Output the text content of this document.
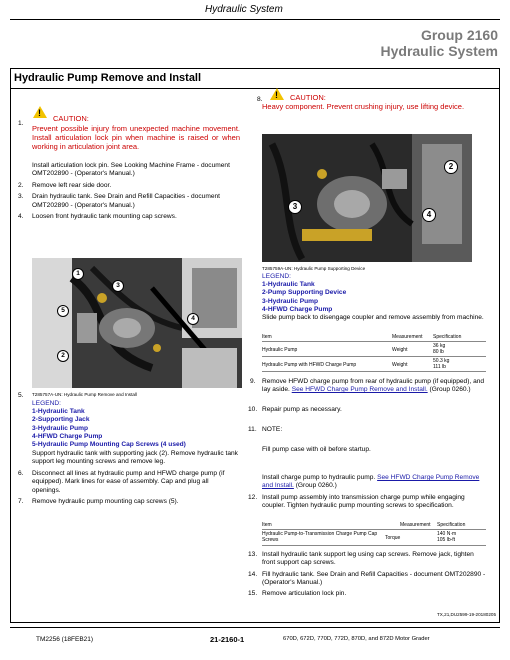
Hydraulic System
Group 2160
Hydraulic System
Hydraulic Pump Remove and Install
1.
!
CAUTION:
Prevent possible injury from unexpected machine movement. Install articulation lock pin when machine is raised or when working in articulation joint area.
Install articulation lock pin. See Looking Machine Frame - document OMT202890 - (Operator's Manual.)
2.	Remove left rear side door.
3.	Drain hydraulic tank. See Drain and Refill Capacities - document OMT202890 - (Operator's Manual.)
4.	Loosen front hydraulic tank mounting cap screws.
1
3
5
2
4
5. T285757A-UN: Hydraulic Pump Remove and Install
LEGEND:
1-Hydraulic Tank
2-Supporting Jack
3-Hydraulic Pump
4-HFWD Charge Pump
5-Hydraulic Pump Mounting Cap Screws (4 used)
Support hydraulic tank with supporting jack (2). Remove hydraulic tank support leg mounting screws and remove leg.
6.	Disconnect all lines at hydraulic pump and HFWD charge pump (if equipped). Mark lines for ease of assembly. Cap and plug all openings.
7.	Remove hydraulic pump mounting cap screws (5).
8.
!	CAUTION:
Heavy component. Prevent crushing injury, use lifting device.
2
3
4
T285759A-UN: Hydraulic Pump Supporting Device
LEGEND:
1-Hydraulic Tank
2-Pump Supporting Device
3-Hydraulic Pump
4-HFWD Charge Pump
Slide pump back to disengage coupler and remove assembly from machine.
Item	Measurement Specification
Hydraulic Pump	Weight
36 kg
80 lb
Hydraulic Pump with HFWD Charge Pump	Weight
50.3 kg
111 lb
9. Remove HFWD charge pump from rear of hydraulic pump (if equipped), and lay aside. See HFWD Charge Pump Remove and Install. (Group 0260.)
10. Repair pump as necessary.
11. NOTE:
Fill pump case with oil before startup.
Install charge pump to hydraulic pump. See HFWD Charge Pump Remove and Install. (Group 0260.)
12. Install pump assembly into transmission charge pump while engaging coupler. Tighten hydraulic pump mounting screws to specification.
Item	Measurement Specification
Hydraulic Pump-to-Transmission Charge Pump Cap Screws	Torque
140 N·m
105 lb-ft
13. Install hydraulic tank support leg using cap screws. Remove jack, tighten front support cap screws.
14. Fill hydraulic tank. See Drain and Refill Capacities - document OMT202890 - (Operator's Manual.)
15. Remove articulation lock pin.
TX,21,DU2599-19-20180205
TM2256 (18FEB21)	21-2160-1	670D, 672D, 770D, 772D, 870D, and 872D Motor Grader
